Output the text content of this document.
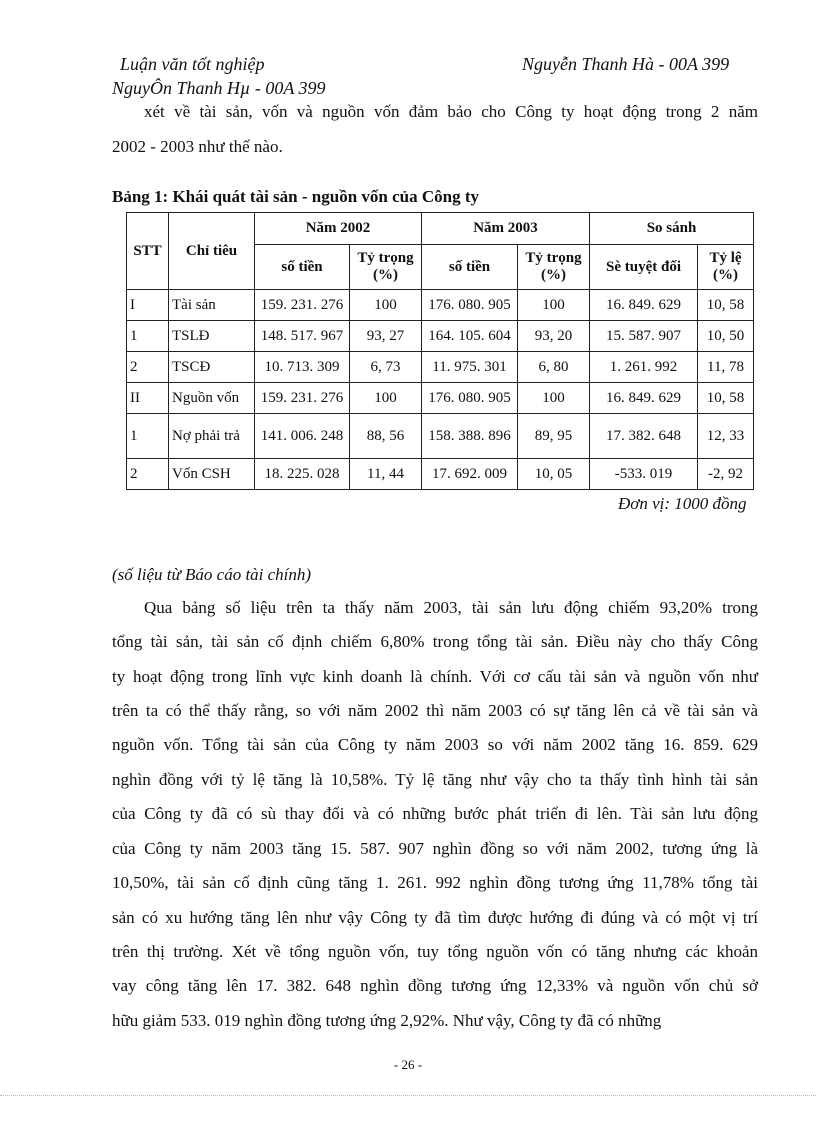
Luận văn tốt nghiệp	Nguyễn Thanh Hà - 00A 399
NguyÔn Thanh Hµ - 00A 399

xét về tài sản, vốn và nguồn vốn đảm bảo cho Công ty hoạt động trong 2 năm

2002 - 2003 như thế nào.

Bảng 1: Khái quát tài sản - nguồn vốn của Công ty
STT	Chỉ tiêu	Năm 2002		Năm 2003		So sánh	
		số tiền	Tỷ trọng (%)	số tiền	Tỷ trọng (%)	Sè tuyệt đối	Tỷ lệ (%)
I	Tài sản	159. 231. 276	100	176. 080. 905	100	16. 849. 629	10, 58
1	TSLĐ	148. 517. 967	93, 27	164. 105. 604	93, 20	15. 587. 907	10, 50
2	TSCĐ	10. 713. 309	6, 73	11. 975. 301	6, 80	1. 261. 992	11, 78
II	Nguồn vốn	159. 231. 276	100	176. 080. 905	100	16. 849. 629	10, 58
1	Nợ phải trả	141. 006. 248	88, 56	158. 388. 896	89, 95	17. 382. 648	12, 33
2	Vốn CSH	18. 225. 028	11, 44	17. 692. 009	10, 05	-533. 019	-2, 92
Đơn vị: 1000 đồng
(số liệu từ Báo cáo tài chính)

Qua bảng số liệu trên ta thấy năm 2003, tài sản lưu động chiếm 93,20% trong

tổng tài sản, tài sản cố định chiếm 6,80% trong tổng tài sản. Điều này cho thấy Công

ty hoạt động trong lĩnh vực kinh doanh là chính. Với cơ cấu tài sản và nguồn vốn như

trên ta có thể thấy rằng, so với năm 2002 thì năm 2003 có sự tăng lên cả về tài sản và

nguồn vốn. Tổng tài sản của Công ty năm 2003 so với năm 2002 tăng 16. 859. 629

nghìn đồng với tỷ lệ tăng là 10,58%. Tỷ lệ tăng như vậy cho ta thấy tình hình tài sản

của Công ty đã có sù thay đổi và có những bước phát triển đi lên. Tài sản lưu động

của Công ty năm 2003 tăng 15. 587. 907 nghìn đồng so với năm 2002, tương ứng là

10,50%, tài sản cố định cũng tăng 1. 261. 992 nghìn đồng tương ứng 11,78% tổng tài

sản có xu hướng tăng lên như vậy Công ty đã tìm được hướng đi đúng và có một vị trí

trên thị trường. Xét về tổng nguồn vốn, tuy tổng nguồn vốn có tăng nhưng các khoản

vay công tăng lên 17. 382. 648 nghìn đồng tương ứng 12,33% và nguồn vốn chủ sở

hữu giảm 533. 019 nghìn đồng tương ứng 2,92%. Như vậy, Công ty đã có những

- 26 -
